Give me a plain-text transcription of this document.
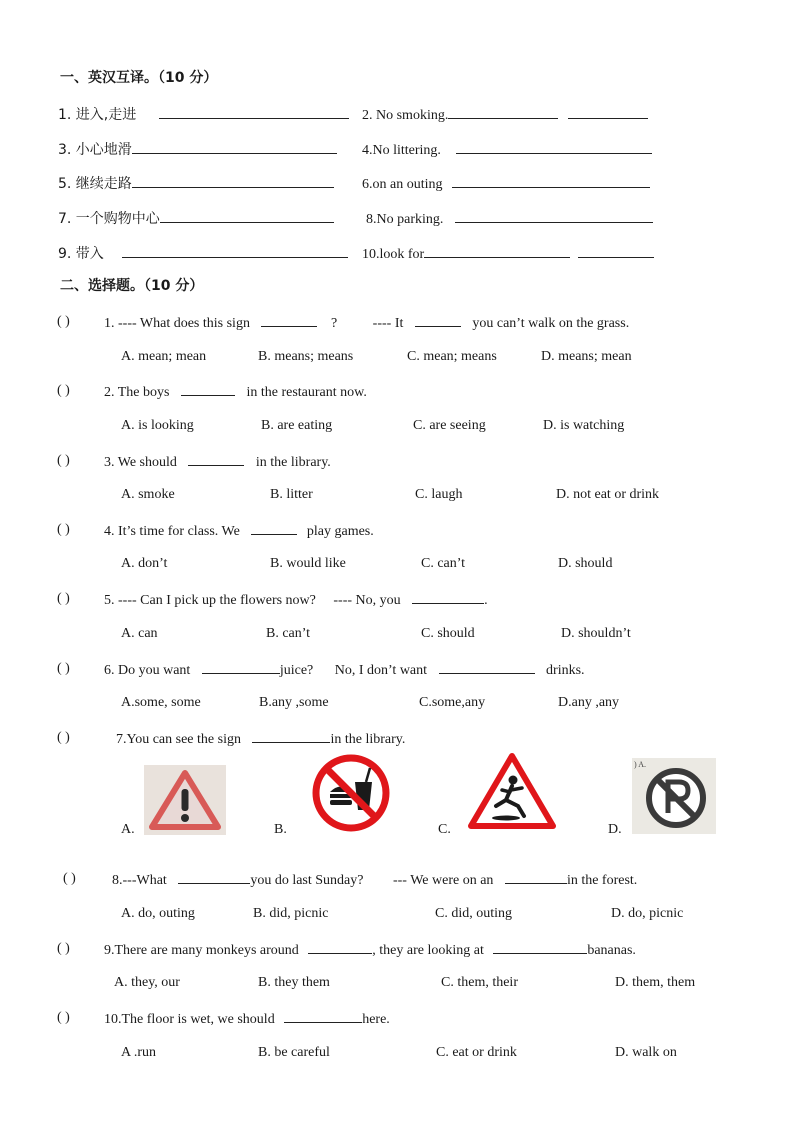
一、英汉互译。（10 分）
1. 进入,走进	2. No smoking.
3. 小心地滑	4.No littering.
5. 继续走路	6.on an outing
7. 一个购物中心	8.No parking.
9. 带入	10.look for
二、选择题。（10 分）
( ) 1. ---- What does this sign	?	---- It	you can’t walk on the grass.
A. mean; mean	B. means; means	C. mean; means	D. means; mean
( ) 2. The boys	in the restaurant now.
A. is looking	B. are eating	C. are seeing	D. is watching
( ) 3. We should	in the library.
A. smoke	B. litter	C. laugh	D. not eat or drink
( ) 4. It’s time for class. We	play games.
A. don’t	B. would like	C. can’t	D. should
( ) 5. ---- Can I pick up the flowers now? ---- No, you	.
A. can	B. can’t	C. should	D. shouldn’t
( ) 6. Do you want	juice? No, I don’t want	drinks.
A.some, some	B.any ,some	C.some,any	D.any ,any
( )	7.You can see the sign	in the library.
A.	B.	C.	D.
) A.
( )	8.---What	you do last Sunday? --- We were on an	in the forest.
A. do, outing	B. did, picnic	C. did, outing	D. do, picnic
( ) 9.There are many monkeys around	, they are looking at	bananas.
A. they, our	B. they them	C. them, their	D. them, them
( ) 10.The floor is wet, we should	here.
A .run	B. be careful	C. eat or drink	D. walk on
